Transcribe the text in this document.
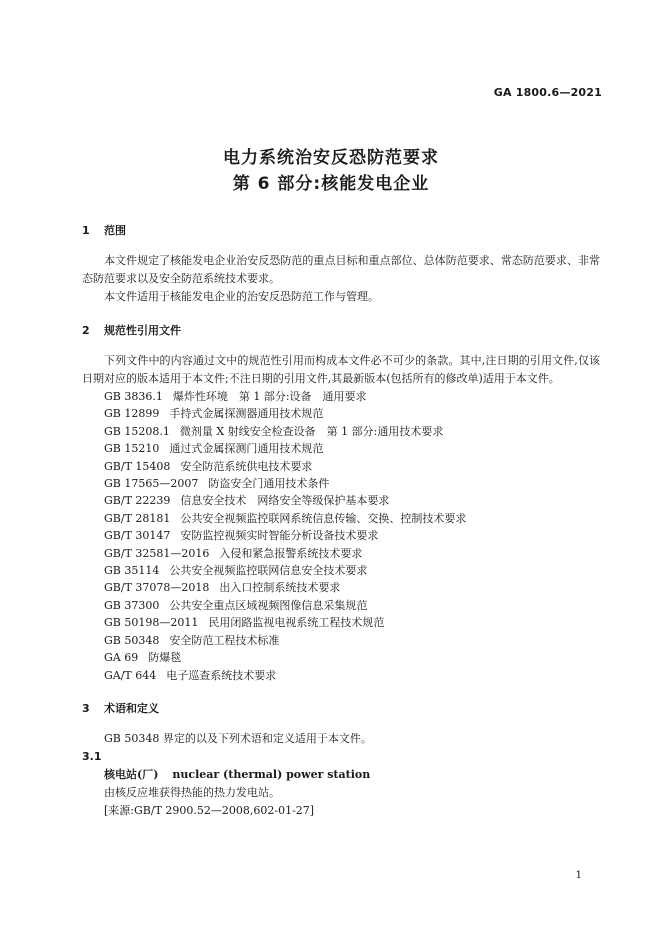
GA 1800.6—2021
电力系统治安反恐防范要求
第 6 部分:核能发电企业
1 范围
本文件规定了核能发电企业治安反恐防范的重点目标和重点部位、总体防范要求、常态防范要求、非常态防范要求以及安全防范系统技术要求。
本文件适用于核能发电企业的治安反恐防范工作与管理。
2 规范性引用文件
下列文件中的内容通过文中的规范性引用而构成本文件必不可少的条款。其中,注日期的引用文件,仅该日期对应的版本适用于本文件;不注日期的引用文件,其最新版本(包括所有的修改单)适用于本文件。
GB 3836.1 爆炸性环境　第 1 部分:设备　通用要求
GB 12899 手持式金属探测器通用技术规范
GB 15208.1 微剂量 X 射线安全检查设备　第 1 部分:通用技术要求
GB 15210 通过式金属探测门通用技术规范
GB/T 15408 安全防范系统供电技术要求
GB 17565—2007 防盗安全门通用技术条件
GB/T 22239 信息安全技术　网络安全等级保护基本要求
GB/T 28181 公共安全视频监控联网系统信息传输、交换、控制技术要求
GB/T 30147 安防监控视频实时智能分析设备技术要求
GB/T 32581—2016 入侵和紧急报警系统技术要求
GB 35114 公共安全视频监控联网信息安全技术要求
GB/T 37078—2018 出入口控制系统技术要求
GB 37300 公共安全重点区域视频图像信息采集规范
GB 50198—2011 民用闭路监视电视系统工程技术规范
GB 50348 安全防范工程技术标准
GA 69 防爆毯
GA/T 644 电子巡查系统技术要求
3 术语和定义
GB 50348 界定的以及下列术语和定义适用于本文件。
3.1
核电站(厂) nuclear (thermal) power station
由核反应堆获得热能的热力发电站。
[来源:GB/T 2900.52—2008,602-01-27]
1
